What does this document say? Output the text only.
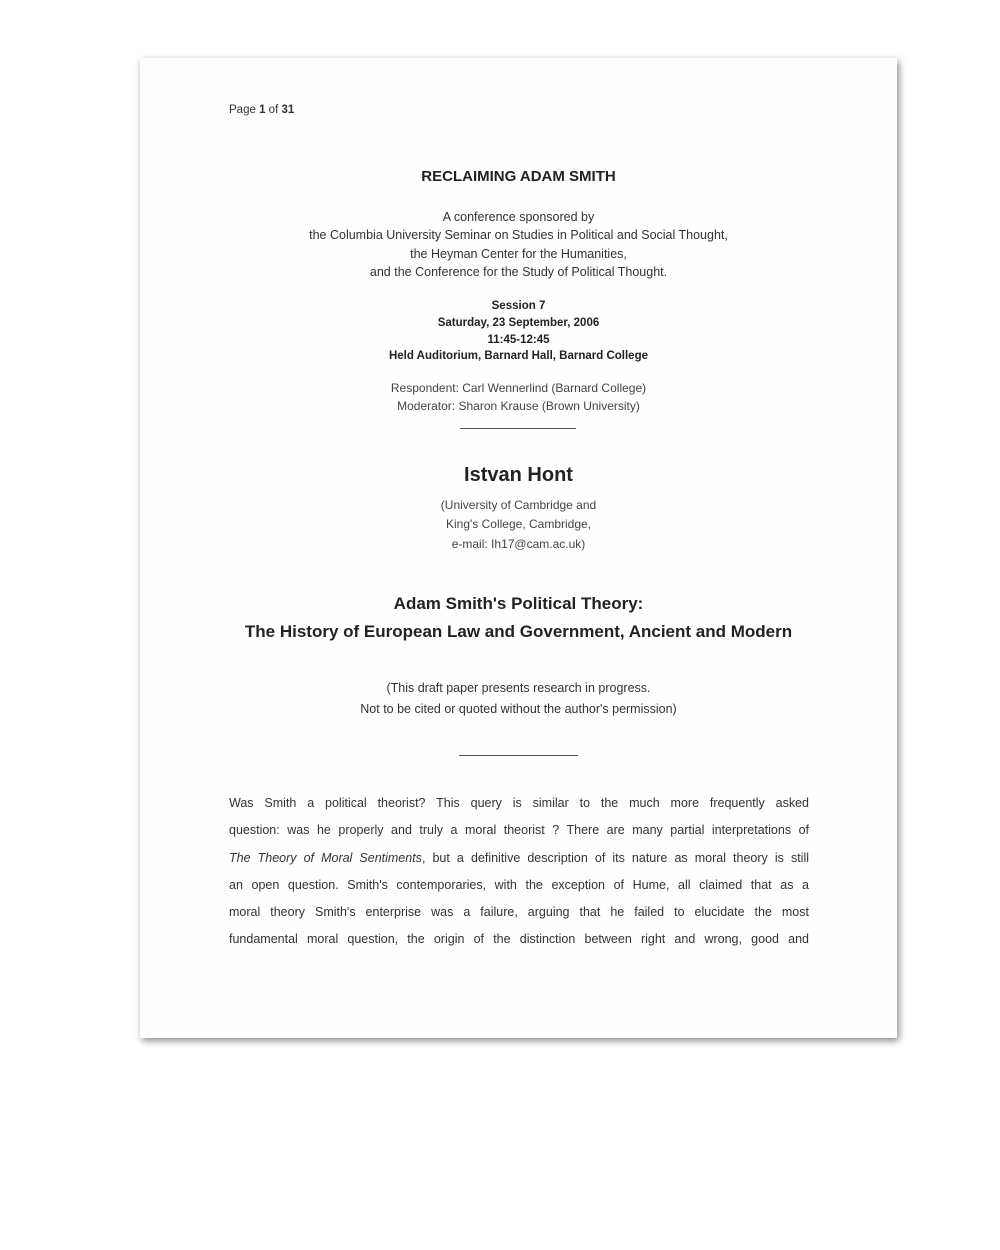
Page 1 of 31
RECLAIMING ADAM SMITH
A conference sponsored by
the Columbia University Seminar on Studies in Political and Social Thought,
the Heyman Center for the Humanities,
and the Conference for the Study of Political Thought.
Session 7
Saturday, 23 September, 2006
11:45-12:45
Held Auditorium, Barnard Hall, Barnard College
Respondent: Carl Wennerlind (Barnard College)
Moderator: Sharon Krause (Brown University)
Istvan Hont
(University of Cambridge and
King's College, Cambridge,
e-mail: Ih17@cam.ac.uk)
Adam Smith's Political Theory:
The History of European Law and Government, Ancient and Modern
(This draft paper presents research in progress.
Not to be cited or quoted without the author's permission)
Was Smith a political theorist? This query is similar to the much more frequently asked
question: was he properly and truly a moral theorist ? There are many partial interpretations of
The Theory of Moral Sentiments, but a definitive description of its nature as moral theory is still
an open question. Smith's contemporaries, with the exception of Hume, all claimed that as a
moral theory Smith's enterprise was a failure, arguing that he failed to elucidate the most
fundamental moral question, the origin of the distinction between right and wrong, good and
